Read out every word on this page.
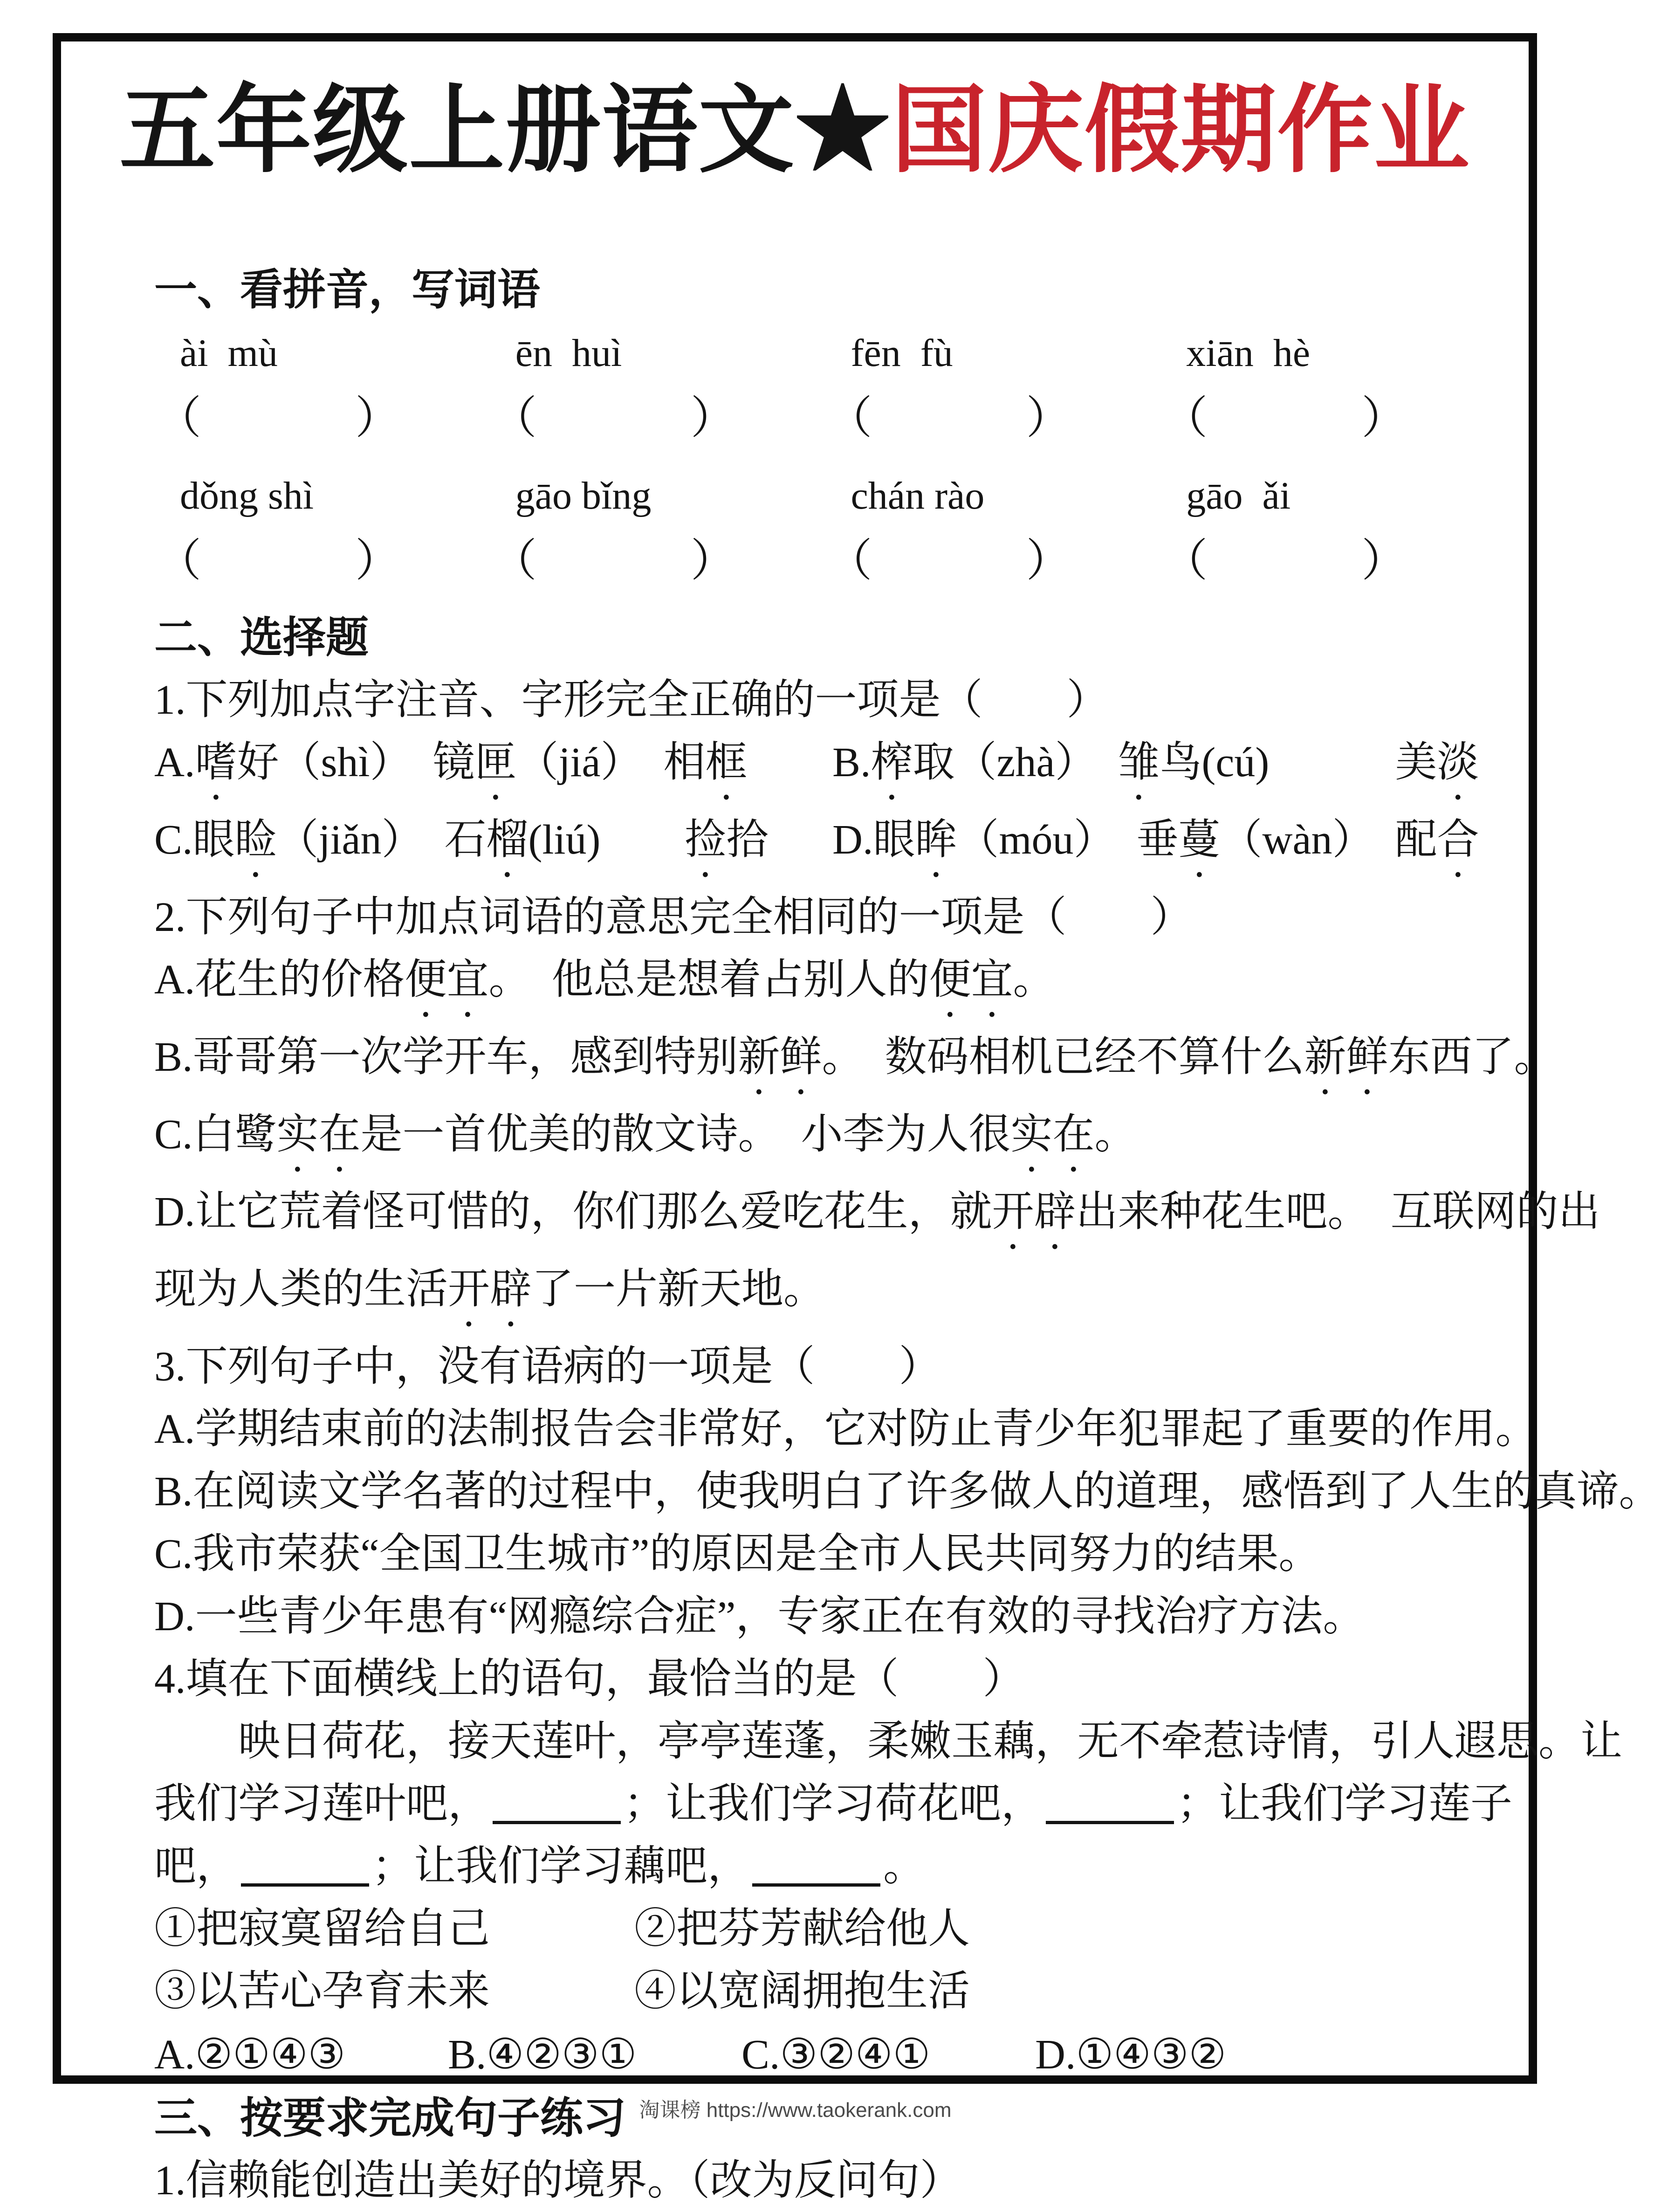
五年级上册语文★国庆假期作业
一、看拼音，写词语
ài  mù	ēn  huì	fēn  fù	xiān  hè
（	） （	） （	） （	）
dǒng shì	gāo bǐng	chán rào	gāo  ǎi
（	） （	） （	） （	）
二、选择题
1.下列加点字注音、字形完全正确的一项是（　　）
A.嗜好（shì）　镜匣（jiá）　相框	B.榨取（zhà）　雏鸟(cú)　　　美淡
C.眼睑（jiǎn）　石榴(liú)　　捡拾	D.眼眸（móu）　垂蔓（wàn）　配合
2.下列句子中加点词语的意思完全相同的一项是（　　）
A.花生的价格便宜。　他总是想着占别人的便宜。
B.哥哥第一次学开车，感到特别新鲜。　数码相机已经不算什么新鲜东西了。
C.白鹭实在是一首优美的散文诗。　小李为人很实在。
D.让它荒着怪可惜的，你们那么爱吃花生，就开辟出来种花生吧。　互联网的出
现为人类的生活开辟了一片新天地。
3.下列句子中，没有语病的一项是（　　）
A.学期结束前的法制报告会非常好，它对防止青少年犯罪起了重要的作用。
B.在阅读文学名著的过程中，使我明白了许多做人的道理，感悟到了人生的真谛。
C.我市荣获“全国卫生城市”的原因是全市人民共同努力的结果。
D.一些青少年患有“网瘾综合症”，专家正在有效的寻找治疗方法。
4.填在下面横线上的语句，最恰当的是（　　）
映日荷花，接天莲叶，亭亭莲蓬，柔嫩玉藕，无不牵惹诗情，引人遐思。让
我们学习莲叶吧，	；让我们学习荷花吧，	；让我们学习莲子
吧，	；让我们学习藕吧，	。
①把寂寞留给自己	②把芬芳献给他人
③以苦心孕育未来	④以宽阔拥抱生活
A.②①④③	B.④②③①	C.③②④①	D.①④③②
三、按要求完成句子练习
1.信赖能创造出美好的境界。（改为反问句）
淘课榜 https://www.taokerank.com
